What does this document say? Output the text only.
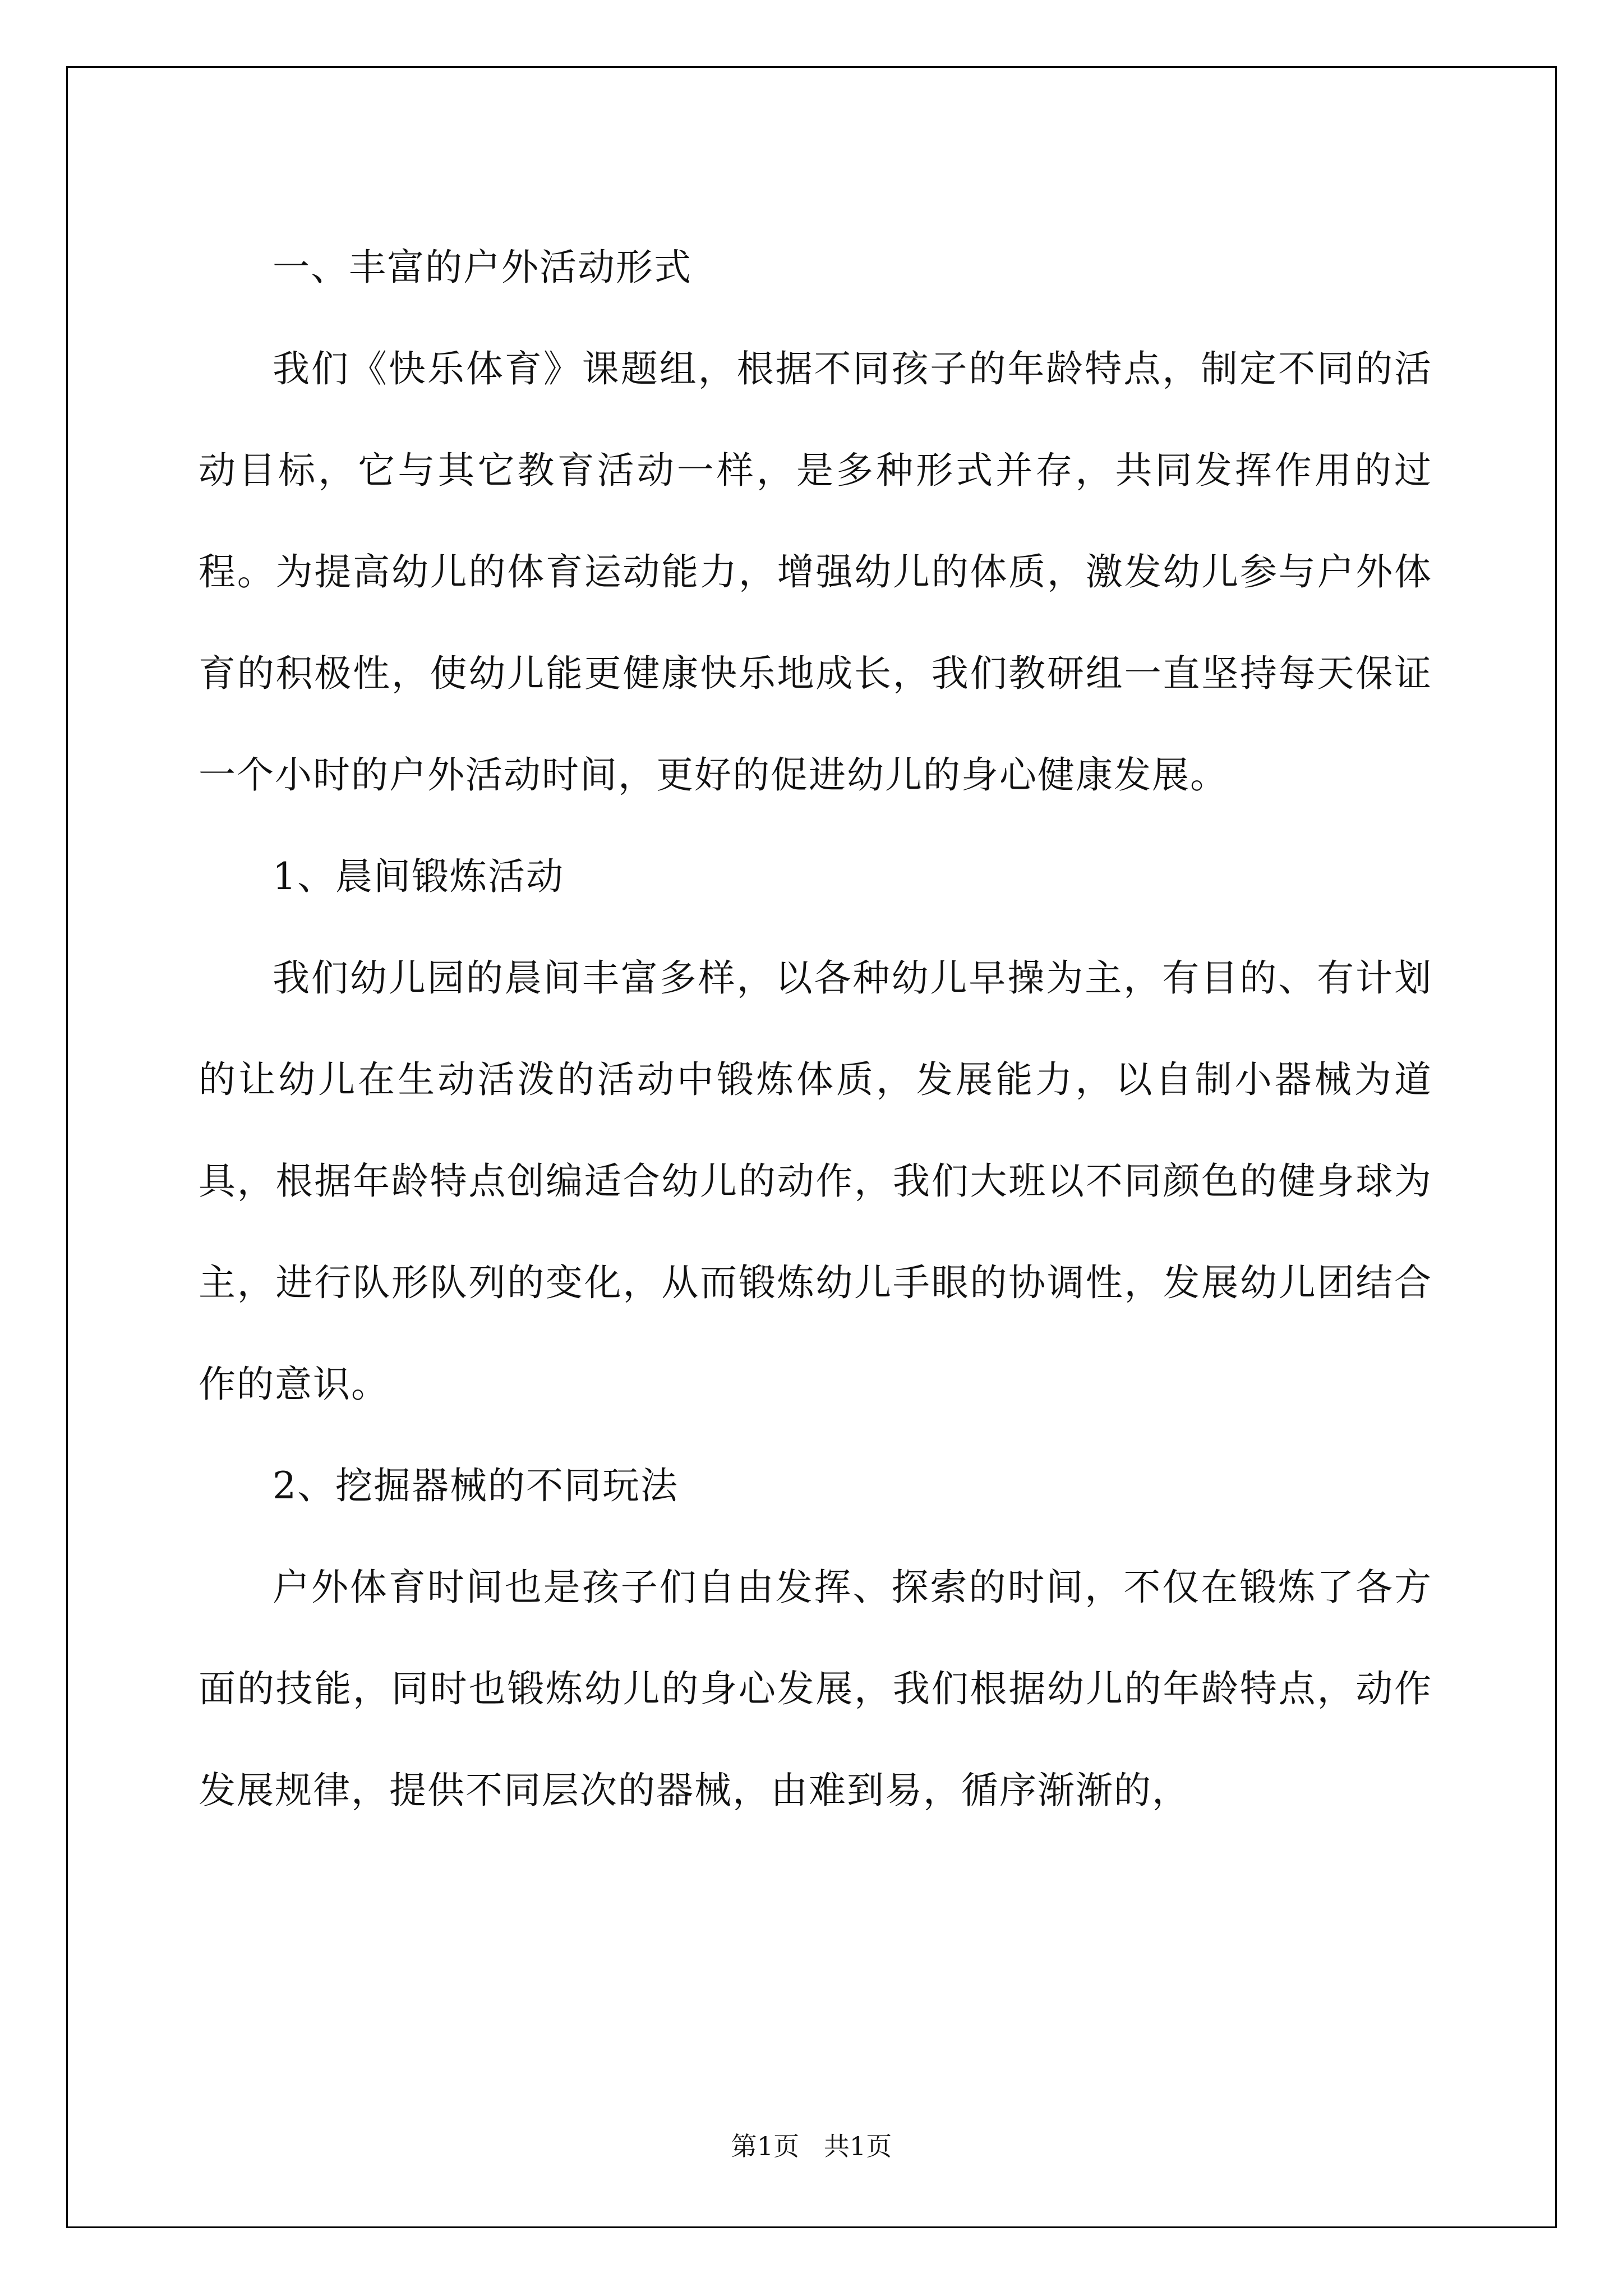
一、丰富的户外活动形式

我们《快乐体育》课题组，根据不同孩子的年龄特点，制定不同的活动目标，它与其它教育活动一样，是多种形式并存，共同发挥作用的过程。为提高幼儿的体育运动能力，增强幼儿的体质，激发幼儿参与户外体育的积极性，使幼儿能更健康快乐地成长，我们教研组一直坚持每天保证一个小时的户外活动时间，更好的促进幼儿的身心健康发展。

1、晨间锻炼活动

我们幼儿园的晨间丰富多样，以各种幼儿早操为主，有目的、有计划的让幼儿在生动活泼的活动中锻炼体质，发展能力，以自制小器械为道具，根据年龄特点创编适合幼儿的动作，我们大班以不同颜色的健身球为主，进行队形队列的变化，从而锻炼幼儿手眼的协调性，发展幼儿团结合作的意识。

2、挖掘器械的不同玩法

户外体育时间也是孩子们自由发挥、探索的时间，不仅在锻炼了各方面的技能，同时也锻炼幼儿的身心发展，我们根据幼儿的年龄特点，动作发展规律，提供不同层次的器械，由难到易，循序渐渐的，

第1页   共1页
